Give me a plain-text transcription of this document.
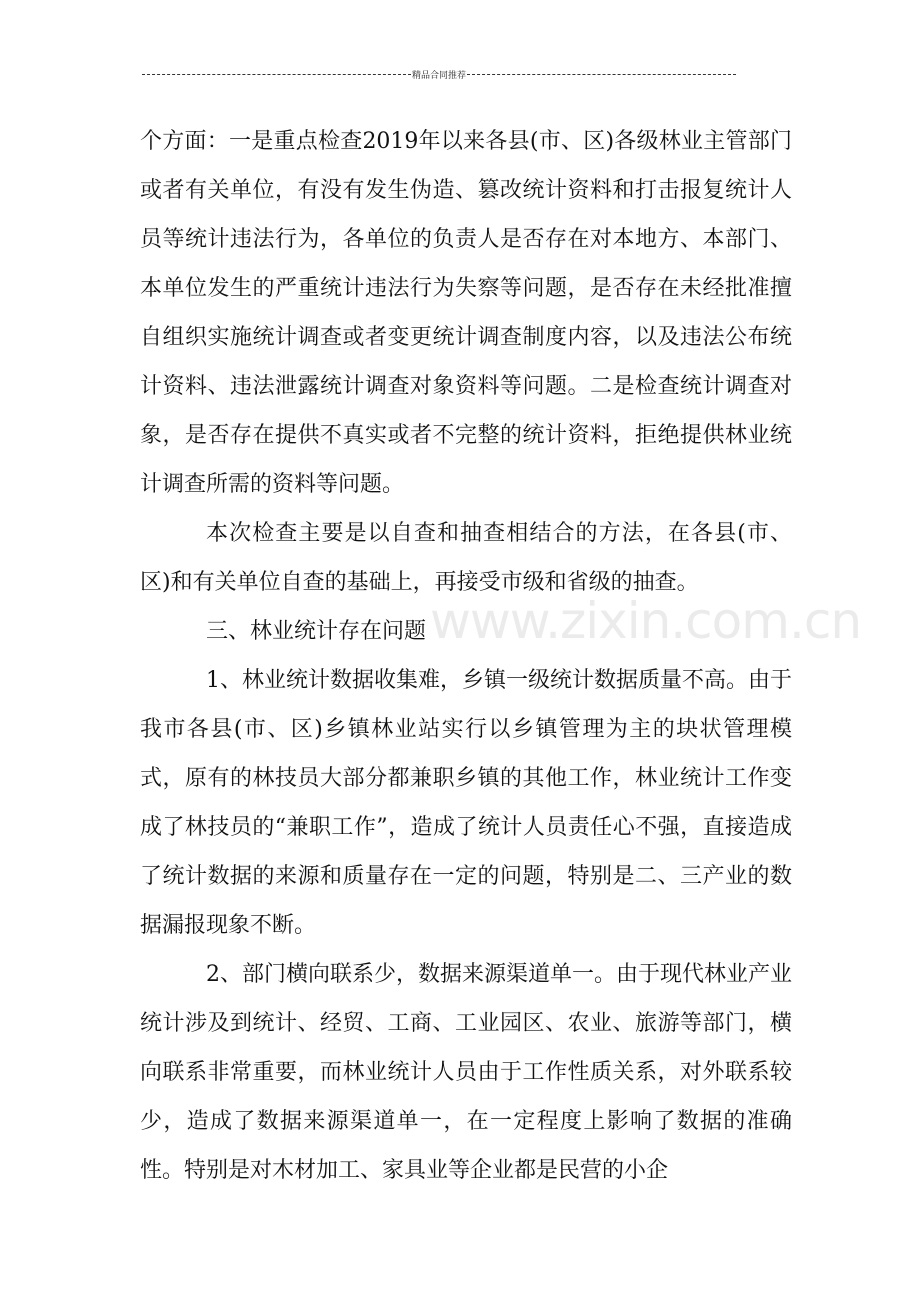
精品合同推荐
www.zixin.com.cn

个方面：一是重点检查2019年以来各县(市、区)各级林业主管部门或者有关单位，有没有发生伪造、篡改统计资料和打击报复统计人员等统计违法行为，各单位的负责人是否存在对本地方、本部门、本单位发生的严重统计违法行为失察等问题，是否存在未经批准擅自组织实施统计调查或者变更统计调查制度内容，以及违法公布统计资料、违法泄露统计调查对象资料等问题。二是检查统计调查对象，是否存在提供不真实或者不完整的统计资料，拒绝提供林业统计调查所需的资料等问题。

本次检查主要是以自查和抽查相结合的方法，在各县(市、区)和有关单位自查的基础上，再接受市级和省级的抽查。

三、林业统计存在问题

1、林业统计数据收集难，乡镇一级统计数据质量不高。由于我市各县(市、区)乡镇林业站实行以乡镇管理为主的块状管理模式，原有的林技员大部分都兼职乡镇的其他工作，林业统计工作变成了林技员的“兼职工作”，造成了统计人员责任心不强，直接造成了统计数据的来源和质量存在一定的问题，特别是二、三产业的数据漏报现象不断。

2、部门横向联系少，数据来源渠道单一。由于现代林业产业统计涉及到统计、经贸、工商、工业园区、农业、旅游等部门，横向联系非常重要，而林业统计人员由于工作性质关系，对外联系较少，造成了数据来源渠道单一，在一定程度上影响了数据的准确性。特别是对木材加工、家具业等企业都是民营的小企
